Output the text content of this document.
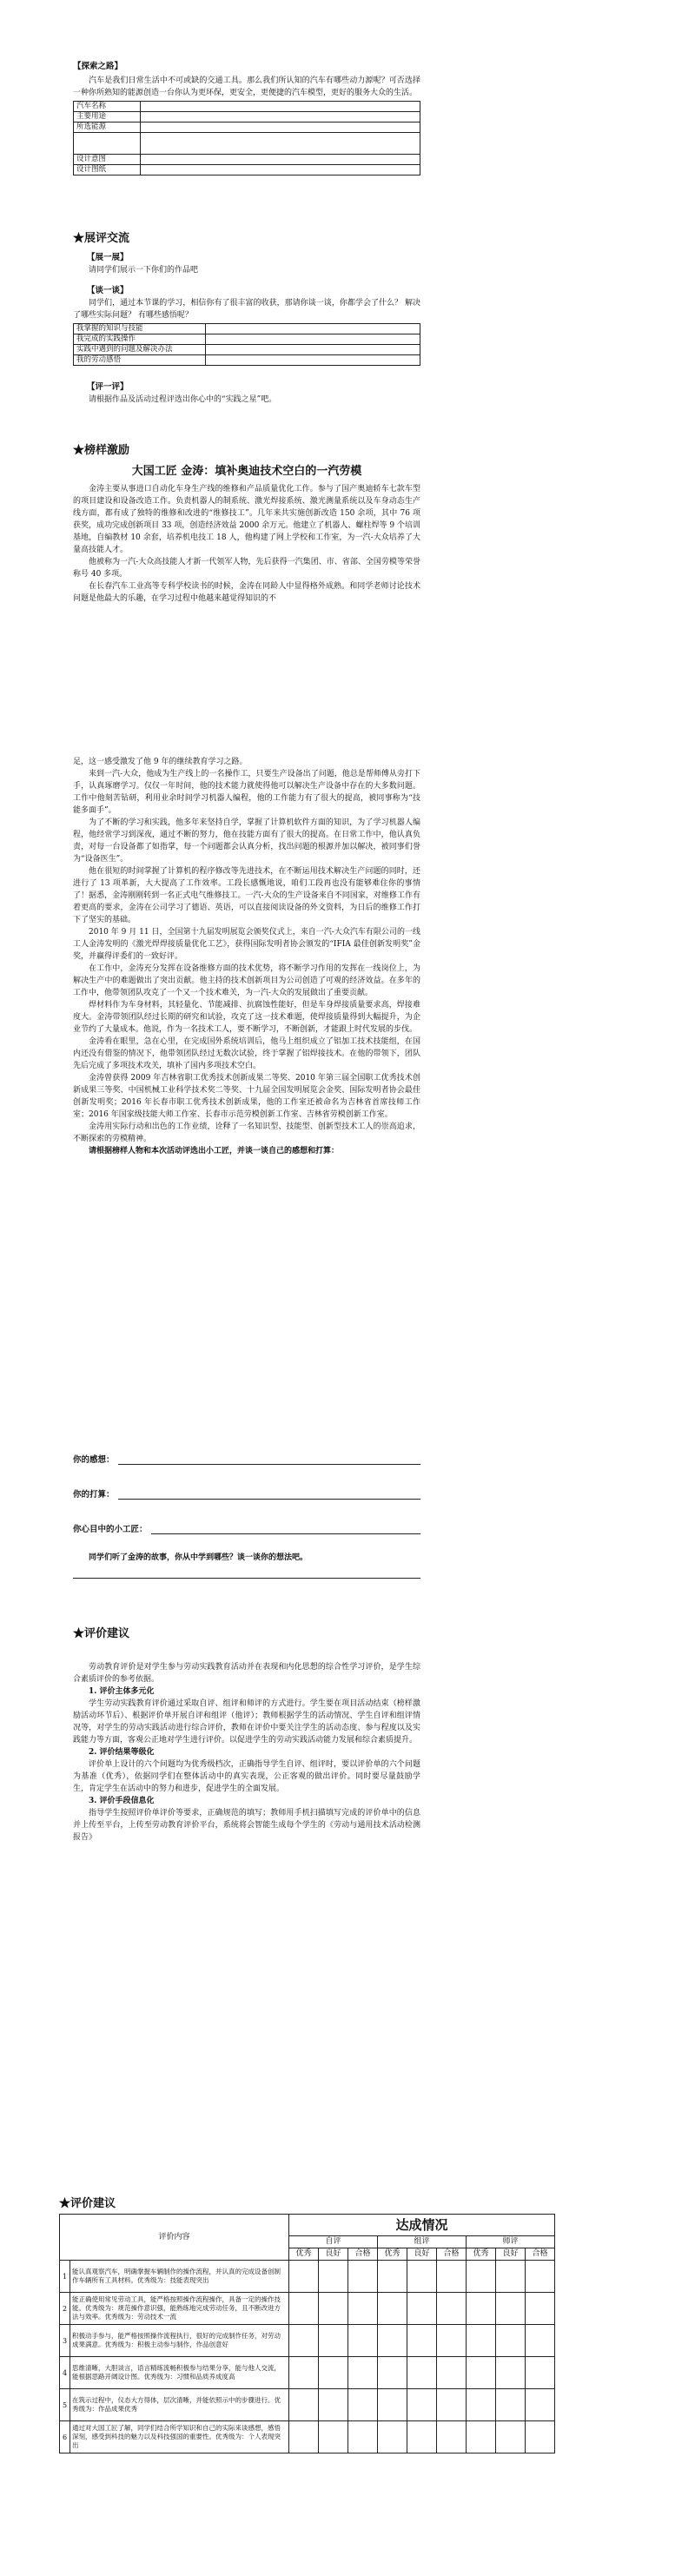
【探索之路】

汽车是我们日常生活中不可或缺的交通工具。那么我们所认知的汽车有哪些动力源呢？可否选择一种你所熟知的能源创造一台你认为更环保，更安全，更便捷的汽车模型，更好的服务大众的生活。

汽车名称	
主要用途	
所选能源	

设计意图	
设计图纸	
★展评交流
【展一展】

请同学们展示一下你们的作品吧

【谈一谈】

同学们，通过本节课的学习，相信你有了很丰富的收获，那请你谈一谈，你都学会了什么？ 解决了哪些实际问题？ 有哪些感悟呢？

我掌握的知识与技能	
我完成的实践操作	
实践中遇到的问题及解决办法	
我的劳动感悟	
【评一评】

请根据作品及活动过程评选出你心中的“实践之星”吧。

★榜样激励
大国工匠 金涛：填补奥迪技术空白的一汽劳模

金涛主要从事进口自动化车身生产线的维修和产品质量优化工作。参与了国产奥迪轿车七款车型的项目建设和设备改造工作。负责机器人的制系统、激光焊接系统、激光测量系统以及车身动态生产线方面，都有成了独特的维修和改进的“维修技工”。几年来共实施创新改造 150 余项，其中 76 项获奖，成功完成创新项目 33 项，创造经济效益 2000 余万元。他建立了机器人、螺柱焊等 9 个培训基地，自编教材 10 余套，培养机电技工 18 人，他构建了网上学校和工作室，为一汽-大众培养了大量高技能人才。

他被称为一汽-大众高技能人才新一代领军人物，先后获得一汽集团、市、省部、全国劳模等荣誉称号 40 多项。

在长春汽车工业高等专科学校读书的时候，金涛在同龄人中显得格外成熟。和同学老师讨论技术问题是他最大的乐趣，在学习过程中他越来越觉得知识的不

足，这一感受激发了他 9 年的继续教育学习之路。

来到一汽-大众，他成为生产线上的一名操作工，只要生产设备出了问题，他总是帮师傅从旁打下手，认真琢磨学习。仅仅一年时间，他的技术能力就使得他可以解决生产设备中存在的大多数问题。工作中他刻苦钻研，利用业余时间学习机器人编程，他的工作能力有了很大的提高，被同事称为“技能多面手”。

为了不断的学习和实践，他多年来坚持自学，掌握了计算机软件方面的知识，为了学习机器人编程，他经常学习到深夜，通过不断的努力，他在技能方面有了很大的提高。在日常工作中，他认真负责，对每一台设备都了如指掌，每一个问题都会认真分析，找出问题的根源并加以解决，被同事们誉为“设备医生”。

他在很短的时间掌握了计算机的程序修改等先进技术，在不断运用技术解决生产问题的同时，还进行了 13 项革新，大大提高了工作效率。工段长感慨地说，咱们工段再也没有能够难住你的事情了！据悉，金涛刚刚转到一名正式电气维修技工。一汽-大众的生产设备来自不同国家，对维修工作有着更高的要求，金涛在公司学习了德语、英语，可以直接阅读设备的外文资料，为日后的维修工作打下了坚实的基础。

2010 年 9 月 11 日，全国第十九届发明展览会颁奖仪式上，来自一汽-大众汽车有限公司的一线工人金涛发明的《激光焊焊接质量优化工艺》，获得国际发明者协会颁发的“IFIA 最佳创新发明奖”金奖，并赢得评委们的一致好评。

在工作中，金涛充分发挥在设备维修方面的技术优势，将不断学习作用的发挥在一线岗位上，为解决生产中的难题做出了突出贡献。他主持的技术创新项目为公司创造了可观的经济效益。在多年的工作中，他带领团队攻克了一个又一个技术难关，为一汽-大众的发展做出了重要贡献。

焊材料作为车身材料，其轻量化、节能减排、抗腐蚀性能好，但是车身焊接质量要求高，焊接难度大。金涛带领团队经过长期的研究和试验，攻克了这一技术难题，使焊接质量得到大幅提升，为企业节约了大量成本。他说，作为一名技术工人，要不断学习，不断创新，才能跟上时代发展的步伐。

金涛看在眼里，急在心里，在完成国外系统培训后，他马上组织成立了铝加工技术技能组，在国内还没有借鉴的情况下，他带领团队经过无数次试验，终于掌握了铝焊接技术。在他的带领下，团队先后完成了多项技术攻关，填补了国内多项技术空白。

金涛曾获得 2009 年吉林省职工优秀技术创新成果二等奖、2010 年第三届全国职工优秀技术创新成果三等奖、中国机械工业科学技术奖二等奖、十九届全国发明展览会金奖、国际发明者协会最佳创新发明奖；2016 年长春市职工优秀技术创新成果，他的工作室还被命名为吉林省首席技师工作室；2016 年国家级技能大师工作室、长春市示范劳模创新工作室、吉林省劳模创新工作室。

金涛用实际行动和出色的工作业绩，诠释了一名知识型、技能型、创新型技术工人的崇高追求，不断探索的劳模精神。

请根据榜样人物和本次活动评选出小工匠，并谈一谈自己的感想和打算：

你的感想：
你的打算：
你心目中的小工匠：

同学们听了金涛的故事，你从中学到哪些？谈一谈你的想法吧。

★评价建议

劳动教育评价是对学生参与劳动实践教育活动并在表现和内化思想的综合性学习评价，是学生综合素质评价的参考依据。

1. 评价主体多元化

学生劳动实践教育评价通过采取自评、组评和师评的方式进行。学生要在项目活动结束（榜样激励活动环节后）、根据评价单开展自评和组评（他评）；教师根据学生的活动情况、学生自评和组评情况等，对学生的劳动实践活动进行综合评价，教师在评价中要关注学生的活动态度、参与程度以及实践能力等方面，客观公正地对学生进行评价。以促进学生的劳动实践活动能力发展和综合素质提升。

2. 评价结果等级化

评价单上设计的六个问题均为优秀级档次，正确指导学生自评、组评时，要以评价单的六个问题为基准（优秀），依据同学们在整体活动中的真实表现，公正客观的做出评价。同时要尽量鼓励学生，肯定学生在活动中的努力和进步，促进学生的全面发展。

3. 评价手段信息化

指导学生按照评价单评价等要求，正确规范的填写；教师用手机扫描填写完成的评价单中的信息并上传至平台，上传至劳动教育评价平台，系统将会智能生成每个学生的《劳动与通用技术活动检测报告》

★评价建议
评价内容		达成情况								
		自评			组评			师评		
		优秀	良好	合格	优秀	良好	合格	优秀	良好	合格
1	能认真观察汽车，明确掌握车辆制作的操作流程，并认真的完成设备创制作车辆所有工具材料。优秀级为：技能表现突出									
2	能正确使用常见劳动工具，能严格按照操作流程操作，具备一定的操作技能。优秀级为：规范操作意识强，能熟练地完成劳动任务，且不断改进方法与效率。优秀级为：劳动技术一流									
3	积极动手参与，能严格按照操作流程执行，很好的完成制作任务，对劳动成果满意。优秀级为：积极主动参与制作，作品创意好									
4	思维清晰，大胆谈言，语言精练流畅积极参与结果分享，能与他人交流，能根据思路开阔设计图。优秀级为：习惯和品质养成度高									
5	在筑示过程中，仪态大方得体，层次清晰，并能依照示中的步骤进行。优秀级为：作品成果优秀									
6	通过对大国工匠了解，同学们结合所学知识和自己的实际来谈感想，感悟深刻，感受到科技的魅力以及科技强国的重要性。优秀级为：个人表现突出									
